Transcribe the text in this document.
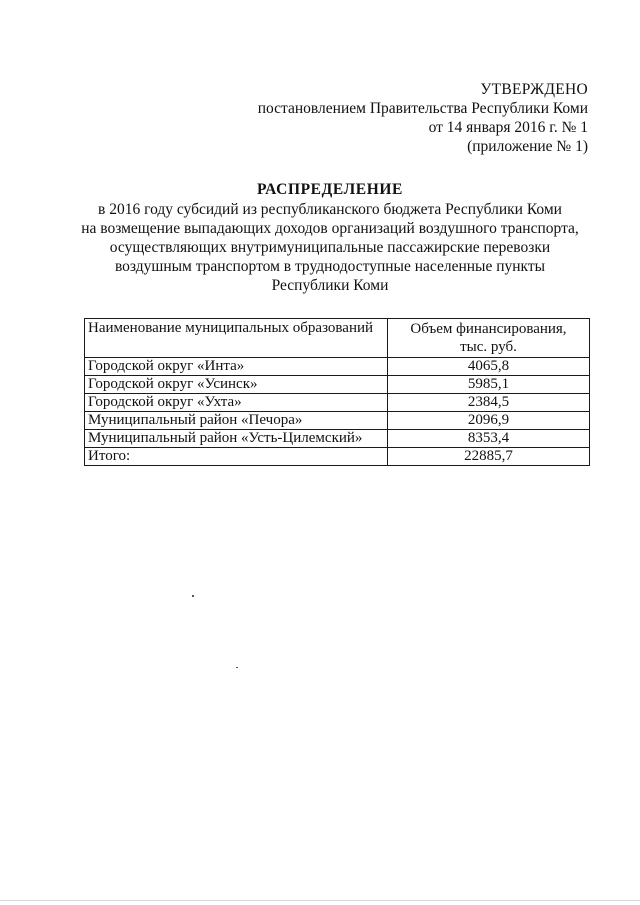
УТВЕРЖДЕНО
постановлением Правительства Республики Коми
от 14 января 2016 г. № 1
(приложение № 1)
РАСПРЕДЕЛЕНИЕ
в 2016 году субсидий из республиканского бюджета Республики Коми
на возмещение выпадающих доходов организаций воздушного транспорта,
осуществляющих внутримуниципальные пассажирские перевозки
воздушным транспортом в труднодоступные населенные пункты
Республики Коми
Наименование муниципальных образований	Объем финансирования,
тыс. руб.

Городской округ «Инта»	4065,8
Городской округ «Усинск»	5985,1
Городской округ «Ухта»	2384,5
Муниципальный район «Печора»	2096,9
Муниципальный район «Усть-Цилемский»	8353,4
Итого:	22885,7
